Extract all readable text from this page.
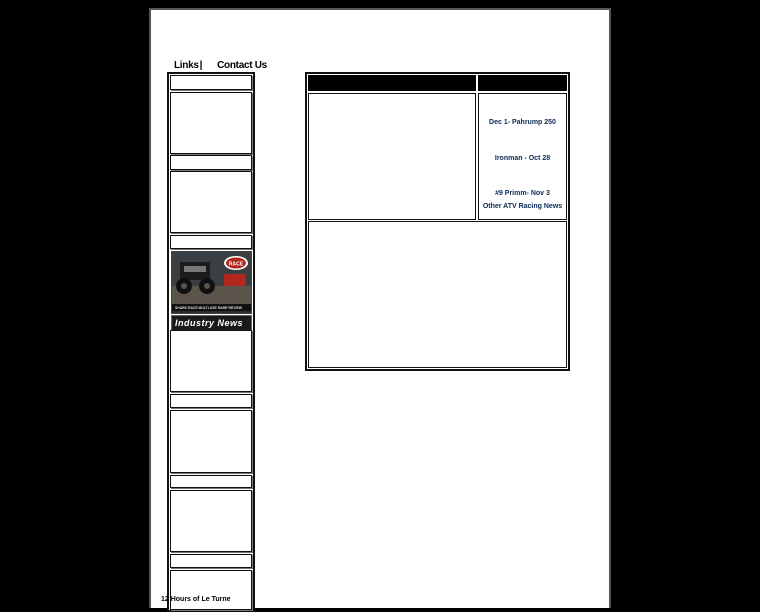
Links| Contact Us
RACE
SHARK RACE MULTI-USE RAMP REVIEW
Industry News
12 Hours of Le Turne
Dec 1- Pahrump 250
Ironman - Oct 28
#9 Primm- Nov 3
Other ATV Racing News
